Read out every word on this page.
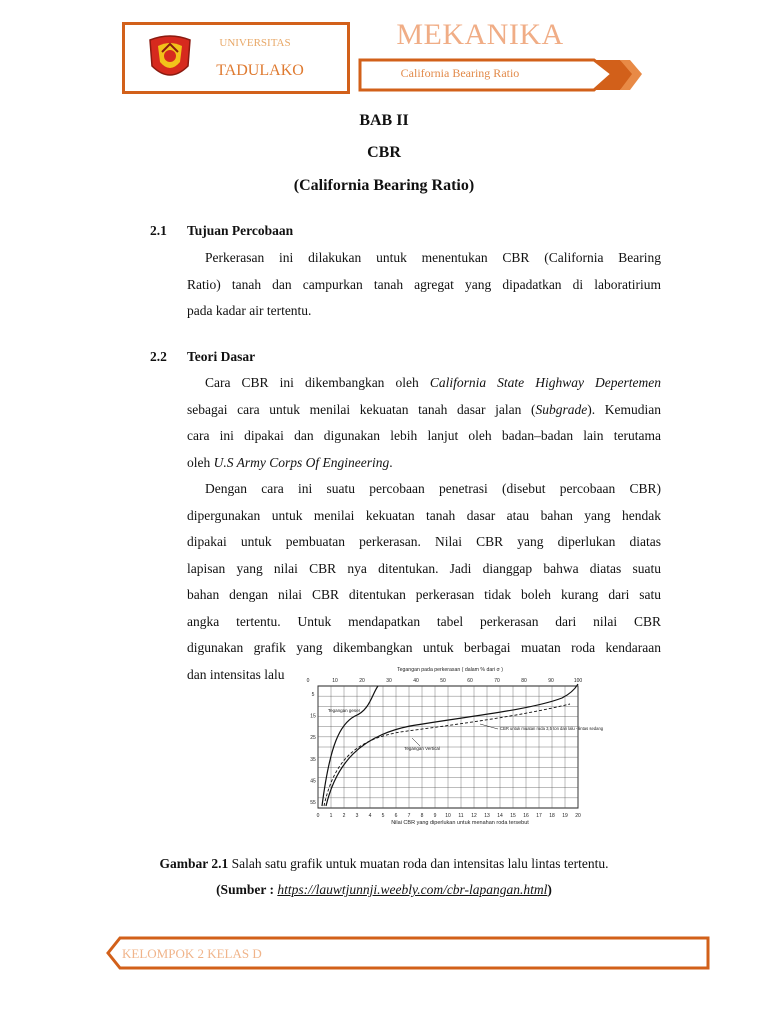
UNIVERSITAS
TADULAKO
MEKANIKA
California Bearing Ratio
BAB II
CBR
(California Bearing Ratio)
2.1 Tujuan Percobaan
Perkerasan ini dilakukan untuk menentukan CBR (California Bearing
Ratio) tanah dan campurkan tanah agregat yang dipadatkan di laboratirium
pada kadar air tertentu.
2.2 Teori Dasar
Cara CBR ini dikembangkan oleh California State Highway Depertemen
sebagai cara untuk menilai kekuatan tanah dasar jalan (Subgrade). Kemudian
cara ini dipakai dan digunakan lebih lanjut oleh badan–badan lain terutama
oleh U.S Army Corps Of Engineering.
Dengan cara ini suatu percobaan penetrasi (disebut percobaan CBR)
dipergunakan untuk menilai kekuatan tanah dasar atau bahan yang hendak
dipakai untuk pembuatan perkerasan. Nilai CBR yang diperlukan diatas
lapisan yang nilai CBR nya ditentukan. Jadi dianggap bahwa diatas suatu
bahan dengan nilai CBR ditentukan perkerasan tidak boleh kurang dari satu
angka tertentu. Untuk mendapatkan tabel perkerasan dari nilai CBR
digunakan grafik yang dikembangkan untuk berbagai muatan roda kendaraan
dan intensitas lalu
0 1 2 3 4 5 6 7 8 9 10 11 12 13 14 15 16 17 18 19 20
0	10	20	30	40	50	60	70	80	90	100
Tegangan pada perkerasan ( dalam % dari σ )
5
15
25
35
45
55
Nilai CBR yang diperlukan untuk menahan roda tersebut
Tegangan geser
Tegangan Vertical
CBR untuk muatan roda 3,5 ton dan lalu - lintas sedang
Gambar 2.1 Salah satu grafik untuk muatan roda dan intensitas lalu lintas tertentu.
(Sumber : https://lauwtjunnji.weebly.com/cbr-lapangan.html)
KELOMPOK 2 KELAS D
